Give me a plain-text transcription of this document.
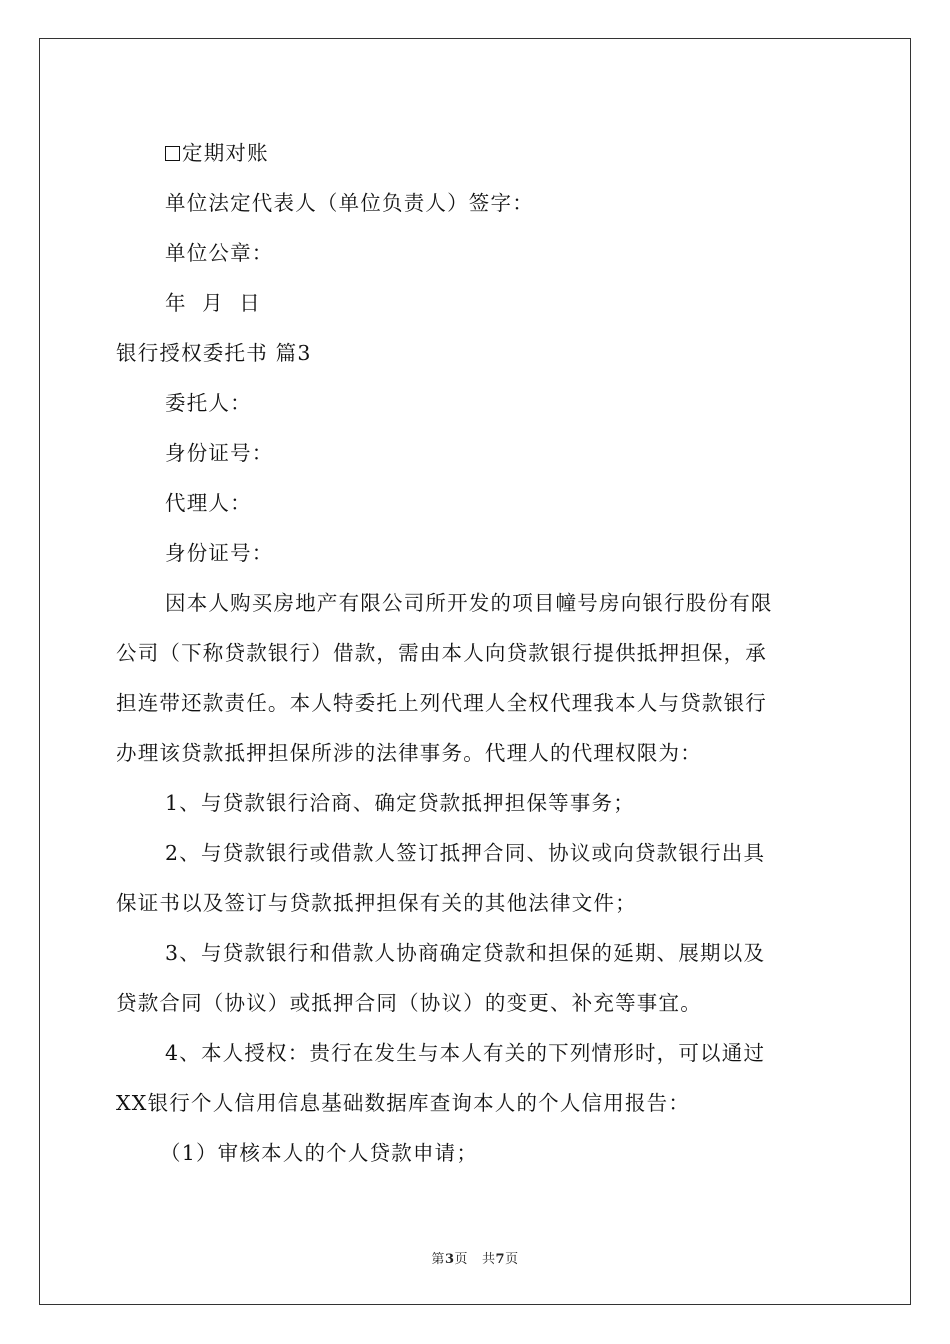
定期对账
单位法定代表人（单位负责人）签字：
单位公章：
年  月  日
银行授权委托书 篇3
委托人：
身份证号：
代理人：
身份证号：
因本人购买房地产有限公司所开发的项目幢号房向银行股份有限
公司（下称贷款银行）借款，需由本人向贷款银行提供抵押担保，承
担连带还款责任。本人特委托上列代理人全权代理我本人与贷款银行
办理该贷款抵押担保所涉的法律事务。代理人的代理权限为：
1、与贷款银行洽商、确定贷款抵押担保等事务；
2、与贷款银行或借款人签订抵押合同、协议或向贷款银行出具
保证书以及签订与贷款抵押担保有关的其他法律文件；
3、与贷款银行和借款人协商确定贷款和担保的延期、展期以及
贷款合同（协议）或抵押合同（协议）的变更、补充等事宜。
4、本人授权：贵行在发生与本人有关的下列情形时，可以通过
XX银行个人信用信息基础数据库查询本人的个人信用报告：
（1）审核本人的个人贷款申请；
第3页 共7页
